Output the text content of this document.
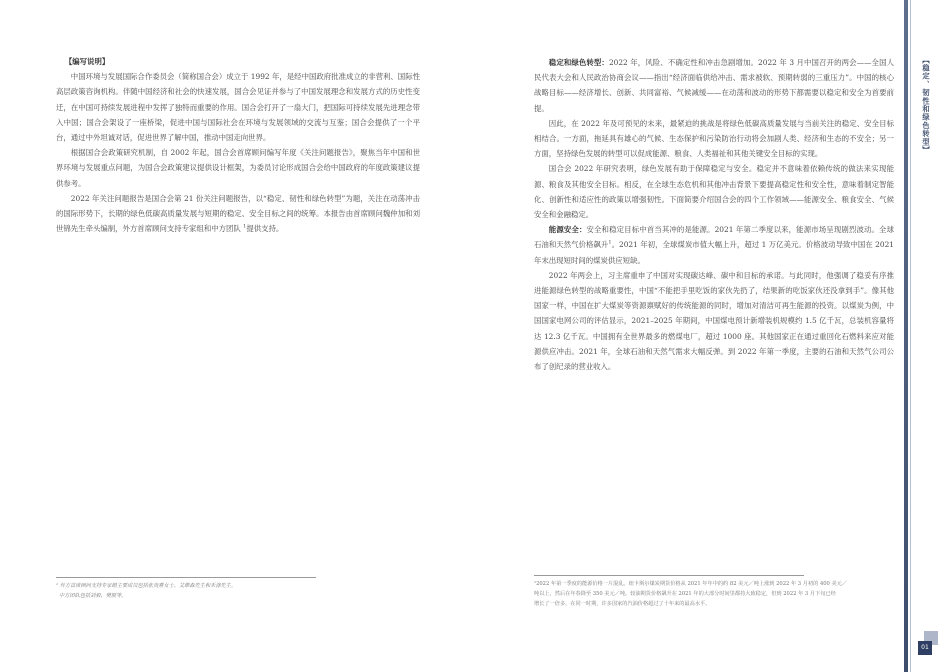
【编写说明】

中国环境与发展国际合作委员会（简称国合会）成立于 1992 年，是经中国政府批准成立的非营利、国际性高层政策咨询机构。伴随中国经济和社会的快速发展，国合会见证并参与了中国发展理念和发展方式的历史性变迁，在中国可持续发展进程中发挥了独特而重要的作用。国合会打开了一扇大门，把国际可持续发展先进理念带入中国；国合会架设了一座桥梁，促进中国与国际社会在环境与发展领域的交流与互鉴；国合会提供了一个平台，通过中外坦诚对话，促进世界了解中国，推动中国走向世界。

根据国合会政策研究机制，自 2002 年起，国合会首席顾问编写年度《关注问题报告》，聚焦当年中国和世界环境与发展重点问题，为国合会政策建议提供设计框架，为委员讨论形成国合会给中国政府的年度政策建议提供参考。

2022 年关注问题报告是国合会第 21 份关注问题报告，以“稳定、韧性和绿色转型”为题，关注在动荡冲击的国际形势下，长期的绿色低碳高质量发展与短期的稳定、安全目标之间的统筹。本报告由首席顾问魏仲加和刘世锦先生牵头编制，外方首席顾问支持专家组和中方团队 $^1$提供支持。

¹ 外方首席顾问支持专家组主要成员包括张贵燕女士、艾维森先生和禾涤先生。
中方团队包括刘毅、樊展等。

稳定和绿色转型：2022 年，风险、不确定性和冲击急剧增加。2022 年 3 月中国召开的两会——全国人民代表大会和人民政治协商会议——指出“经济面临供给冲击、需求被软、预期转弱的三重压力”。中国的核心战略目标——经济增长、创新、共同富裕、气候减缓——在动荡和波动的形势下都需要以稳定和安全为首要前提。

因此，在 2022 年及可预见的未来，最紧迫的挑战是将绿色低碳高质量发展与当前关注的稳定、安全目标相结合。一方面，拖延具有雄心的气候、生态保护和污染防治行动将会加剧人类、经济和生态的不安全；另一方面，坚持绿色发展的转型可以促成能源、粮食、人类福祉和其他关键安全目标的实现。

国合会 2022 年研究表明，绿色发展有助于保障稳定与安全。稳定并不意味着依赖传统的做法来实现能源、粮食及其他安全目标。相反，在全球生态危机和其他冲击背景下要提高稳定性和安全性，意味着制定智能化、创新性和适应性的政策以增强韧性。下面简要介绍国合会的四个工作领域——能源安全、粮食安全、气候安全和金融稳定。

能源安全：安全和稳定目标中首当其冲的是能源。2021 年第二季度以来，能源市场呈现剧烈波动。全球石油和天然气价格飙升$^1$。2021 年初，全球煤炭市值大幅上升，超过 1 万亿美元。价格波动导致中国在 2021 年末出现短时间的煤炭供应短缺。

2022 年两会上，习主席重申了中国对实现碳达峰、碳中和目标的承诺。与此同时，他强调了稳妥有序推进能源绿色转型的战略重要性，中国“不能把手里吃饭的家伙先扔了，结果新的吃饭家伙还没拿到手”。像其他国家一样，中国在扩大煤炭等资源禀赋好的传统能源的同时，增加对清洁可再生能源的投资。以煤炭为例，中国国家电网公司的评估显示，2021–2025 年期间，中国煤电预计新增装机规模约 1.5 亿千瓦，总装机容量将达 12.3 亿千瓦。中国拥有全世界最多的燃煤电厂，超过 1000 座。其他国家正在通过重回化石燃料来应对能源供应冲击。2021 年，全球石油和天然气需求大幅反弹。到 2022 年第一季度，主要的石油和天然气公司公布了创纪录的营业收入。

¹2022 年第一季度的能源价格一片混乱。纽卡斯尔煤炭期货价格从 2021 年年中的约 82 美元／吨上涨到 2022 年 3 月初的 400 美元／
吨以上，然后在年春降至 350 美元／吨。较油期货价格飙升在 2021 年的大部分时间里都持大致稳定，但到 2022 年 3 月下旬已经
增长了一倍多，在同一时期，许多国家的汽油价格超过了十年来的最高水平。
【稳定、韧性和绿色转型】
01
